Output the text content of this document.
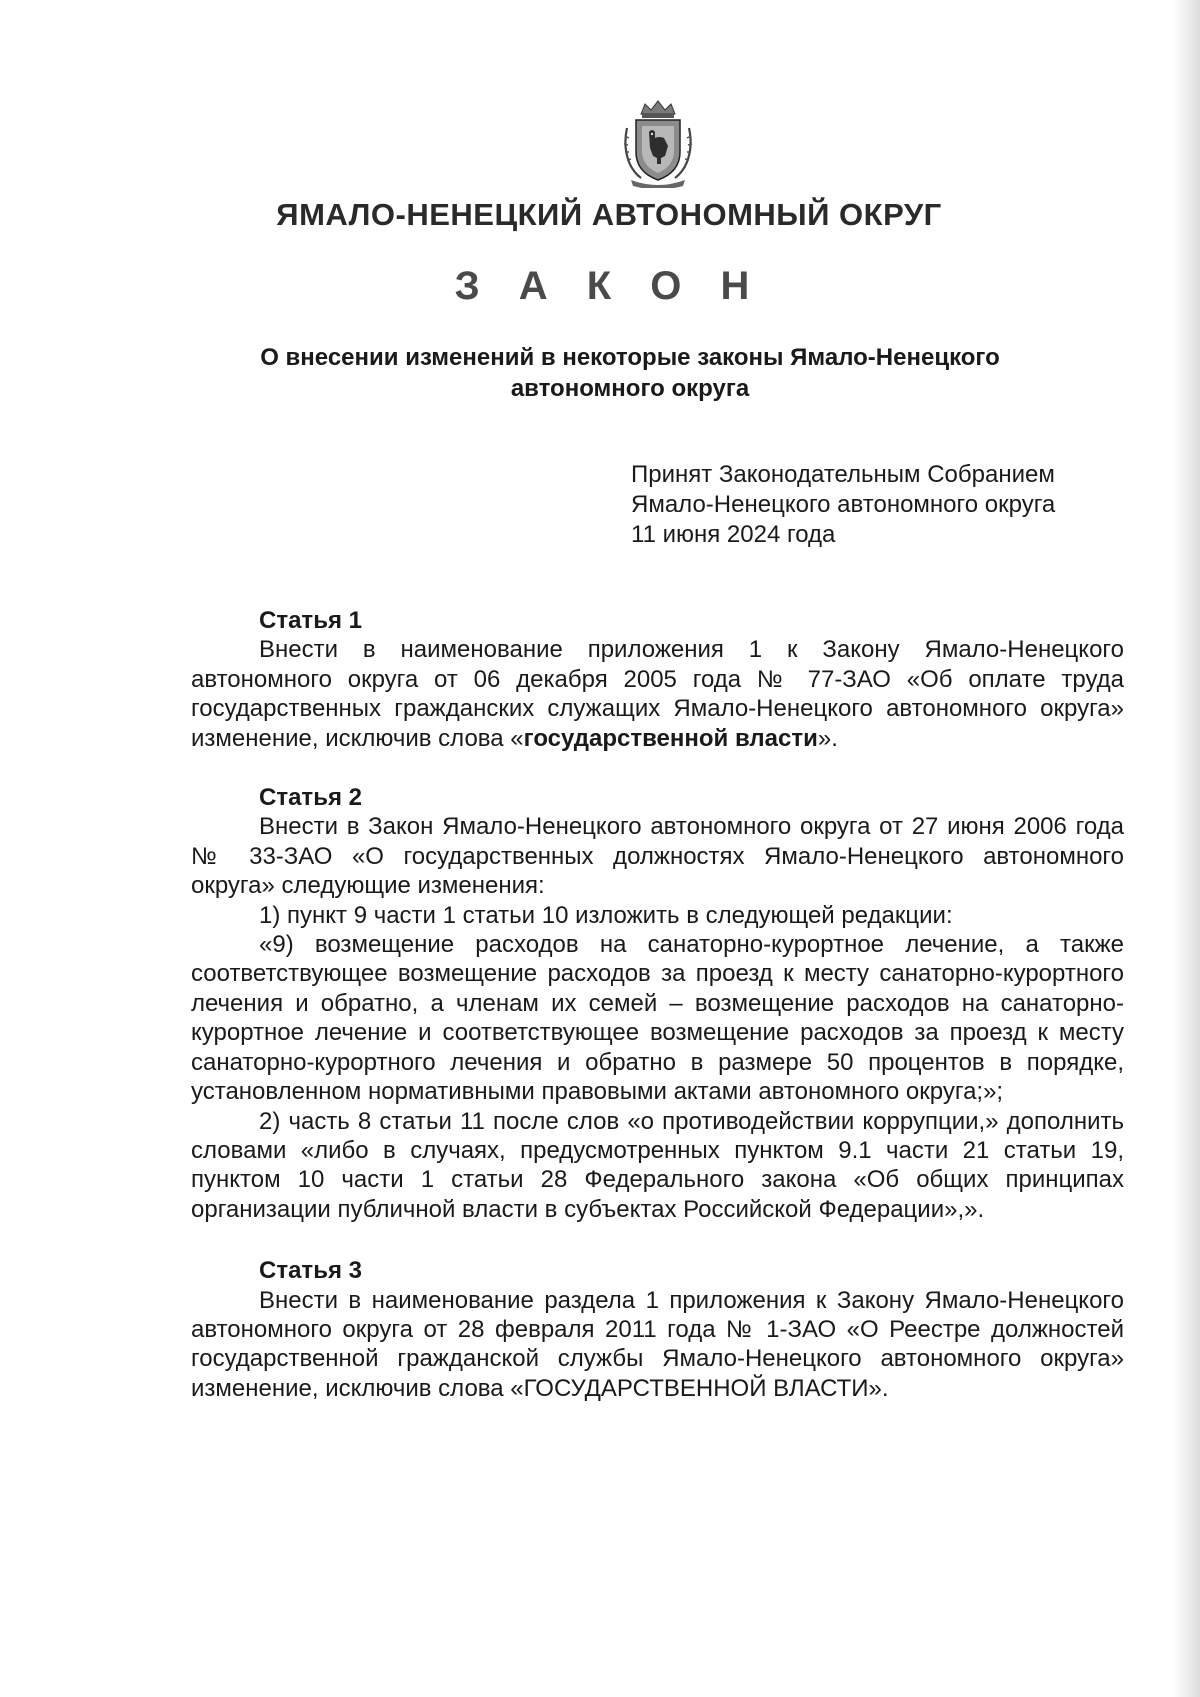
ЯМАЛО-НЕНЕЦКИЙ АВТОНОМНЫЙ ОКРУГ
З А К О Н

О внесении изменений в некоторые законы Ямало-Ненецкого автономного округа

Принят Законодательным Собранием
Ямало-Ненецкого автономного округа
11 июня 2024 года

Статья 1

Внести в наименование приложения 1 к Закону Ямало-Ненецкого автономного округа от 06 декабря 2005 года № 77-ЗАО «Об оплате труда государственных гражданских служащих Ямало-Ненецкого автономного округа» изменение, исключив слова «государственной власти».

Статья 2

Внести в Закон Ямало-Ненецкого автономного округа от 27 июня 2006 года № 33-ЗАО «О государственных должностях Ямало-Ненецкого автономного округа» следующие изменения:

1) пункт 9 части 1 статьи 10 изложить в следующей редакции:

«9) возмещение расходов на санаторно-курортное лечение, а также соответствующее возмещение расходов за проезд к месту санаторно-курортного лечения и обратно, а членам их семей – возмещение расходов на санаторно-курортное лечение и соответствующее возмещение расходов за проезд к месту санаторно-курортного лечения и обратно в размере 50 процентов в порядке, установленном нормативными правовыми актами автономного округа;»;

2) часть 8 статьи 11 после слов «о противодействии коррупции,» дополнить словами «либо в случаях, предусмотренных пунктом 9.1 части 21 статьи 19, пунктом 10 части 1 статьи 28 Федерального закона «Об общих принципах организации публичной власти в субъектах Российской Федерации»,».

Статья 3

Внести в наименование раздела 1 приложения к Закону Ямало-Ненецкого автономного округа от 28 февраля 2011 года № 1-ЗАО «О Реестре должностей государственной гражданской службы Ямало-Ненецкого автономного округа» изменение, исключив слова «ГОСУДАРСТВЕННОЙ ВЛАСТИ».
